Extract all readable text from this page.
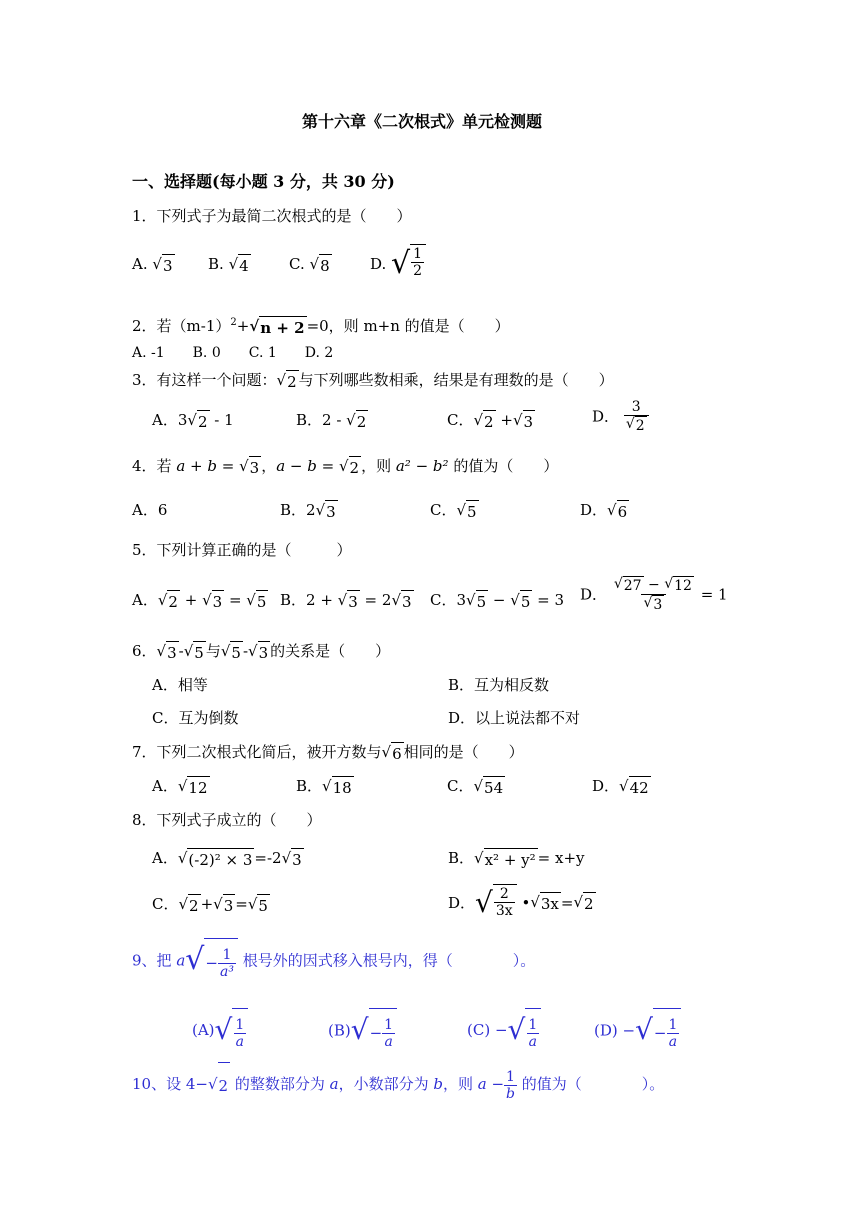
第十六章《二次根式》单元检测题
一、选择题(每小题 3 分，共 30 分)
1．下列式子为最简二次根式的是（　　）
A. √ 3 B. √ 4	C. √ 8	D. √ $\frac{1}{2}$
2．若$(m-1)^2+$ √ n + 2 =0，则 m+n 的值是（　　）
A. -1　　B. 0　　C. 1　　D. 2
3．有这样一个问题： √ 2 与下列哪些数相乘，结果是有理数的是（　　）
A．3 √ 2 - 1	B．2 - √ 2	C． √ 2 + √ 3	D． $\frac{3}{√ 2}$
4．若 a + b = √ 3 ，a − b = √ 2 ，则 a² − b² 的值为（　　）
A．6	B．2 √ 3	C． √ 5	D． √ 6
5．下列计算正确的是（　　　）
A． √ 2 + √ 3 = √ 5 B．2 + √ 3 = 2 √ 3 C．3 √ 5 − √ 5 = 3 D． $\frac{√ 27 - √ 12}{√ 3} = 1$
6． √ 3 - √ 5 与 √ 5 - √ 3 的关系是（　　）
A．相等	B．互为相反数
C．互为倒数	D．以上说法都不对
7．下列二次根式化简后，被开方数与 √ 6 相同的是（　　）
A． √ 12	B． √ 18	C． √ 54	D． √ 42
8．下列式子成立的（　　）
A． √ (-2)² × 3 =-2 √ 3	B． √ x² + y² = x+y
C． √ 2 + √ 3 = √ 5	D． √ $\frac{2}{3x}$ • √ 3x = √ 2
9、把 a √ − $\frac{1}{\text{a³}}$ 根号外的因式移入根号内，得（　　　　）。
(A) √ $\frac{1}{a}$	(B) √ − $\frac{1}{a}$	(C) − √ $\frac{1}{a}$	(D) − √ − $\frac{1}{a}$
10、设 4− √ 2 的整数部分为 a，小数部分为 b，则 $a - \frac{1}{b}$ 的值为（　　　　）。
